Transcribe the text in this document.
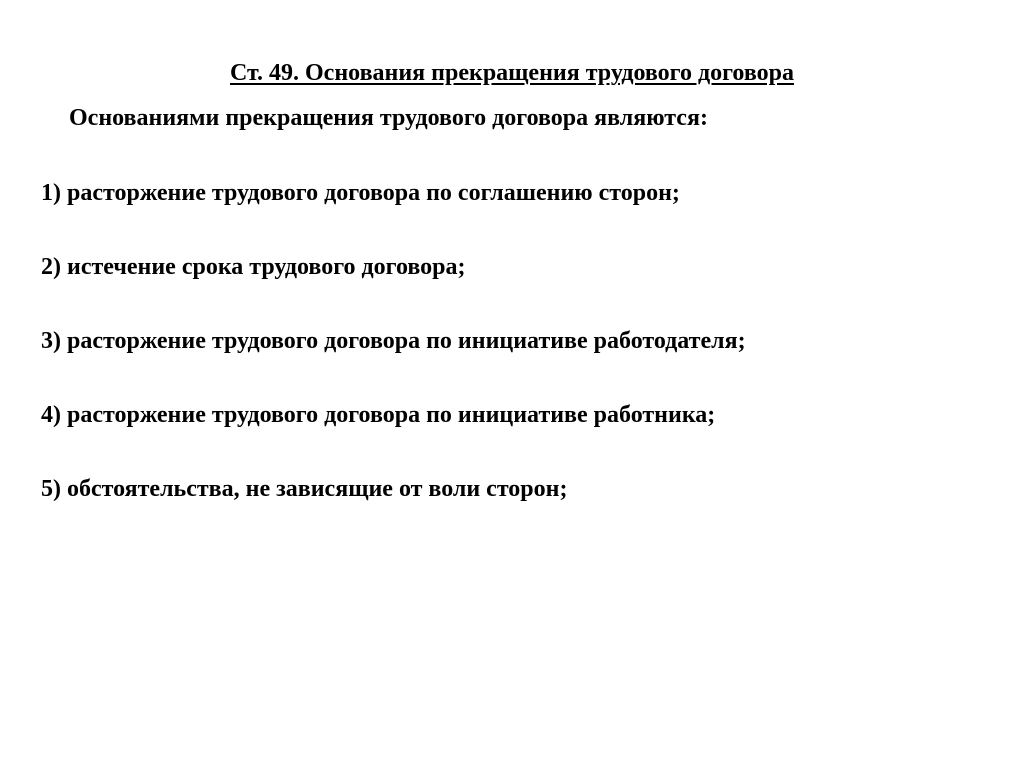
Ст. 49. Основания прекращения трудового договора
Основаниями прекращения трудового договора являются:
1) расторжение трудового договора по соглашению сторон;
2) истечение срока трудового договора;
3) расторжение трудового договора по инициативе работодателя;
4) расторжение трудового договора по инициативе работника;
5) обстоятельства, не зависящие от воли сторон;
